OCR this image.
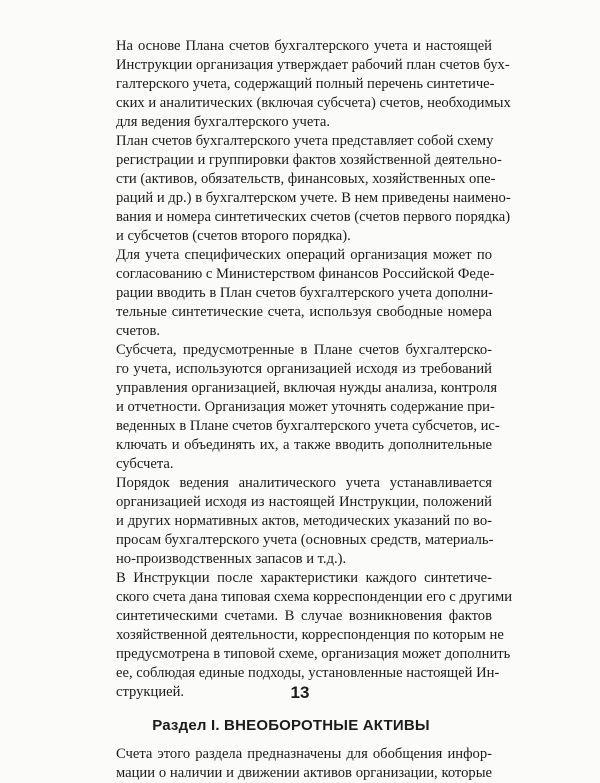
На основе Плана счетов бухгалтерского учета и настоящей
Инструкции организация утверждает рабочий план счетов бух-
галтерского учета, содержащий полный перечень синтетиче-
ских и аналитических (включая субсчета) счетов, необходимых
для ведения бухгалтерского учета.

План счетов бухгалтерского учета представляет собой схему
регистрации и группировки фактов хозяйственной деятельно-
сти (активов, обязательств, финансовых, хозяйственных опе-
раций и др.) в бухгалтерском учете. В нем приведены наимено-
вания и номера синтетических счетов (счетов первого порядка)
и субсчетов (счетов второго порядка).

Для учета специфических операций организация может по
согласованию с Министерством финансов Российской Феде-
рации вводить в План счетов бухгалтерского учета дополни-
тельные синтетические счета, используя свободные номера
счетов.

Субсчета, предусмотренные в Плане счетов бухгалтерско-
го учета, используются организацией исходя из требований
управления организацией, включая нужды анализа, контроля
и отчетности. Организация может уточнять содержание при-
веденных в Плане счетов бухгалтерского учета субсчетов, ис-
ключать и объединять их, а также вводить дополнительные
субсчета.

Порядок ведения аналитического учета устанавливается
организацией исходя из настоящей Инструкции, положений
и других нормативных актов, методических указаний по во-
просам бухгалтерского учета (основных средств, материаль-
но-производственных запасов и т.д.).

В Инструкции после характеристики каждого синтетиче-
ского счета дана типовая схема корреспонденции его с другими
синтетическими счетами. В случае возникновения фактов
хозяйственной деятельности, корреспонденция по которым не
предусмотрена в типовой схеме, организация может дополнить
ее, соблюдая единые подходы, установленные настоящей Ин-
струкцией.

Раздел I. ВНЕОБОРОТНЫЕ АКТИВЫ

Счета этого раздела предназначены для обобщения инфор-
мации о наличии и движении активов организации, которые

13
